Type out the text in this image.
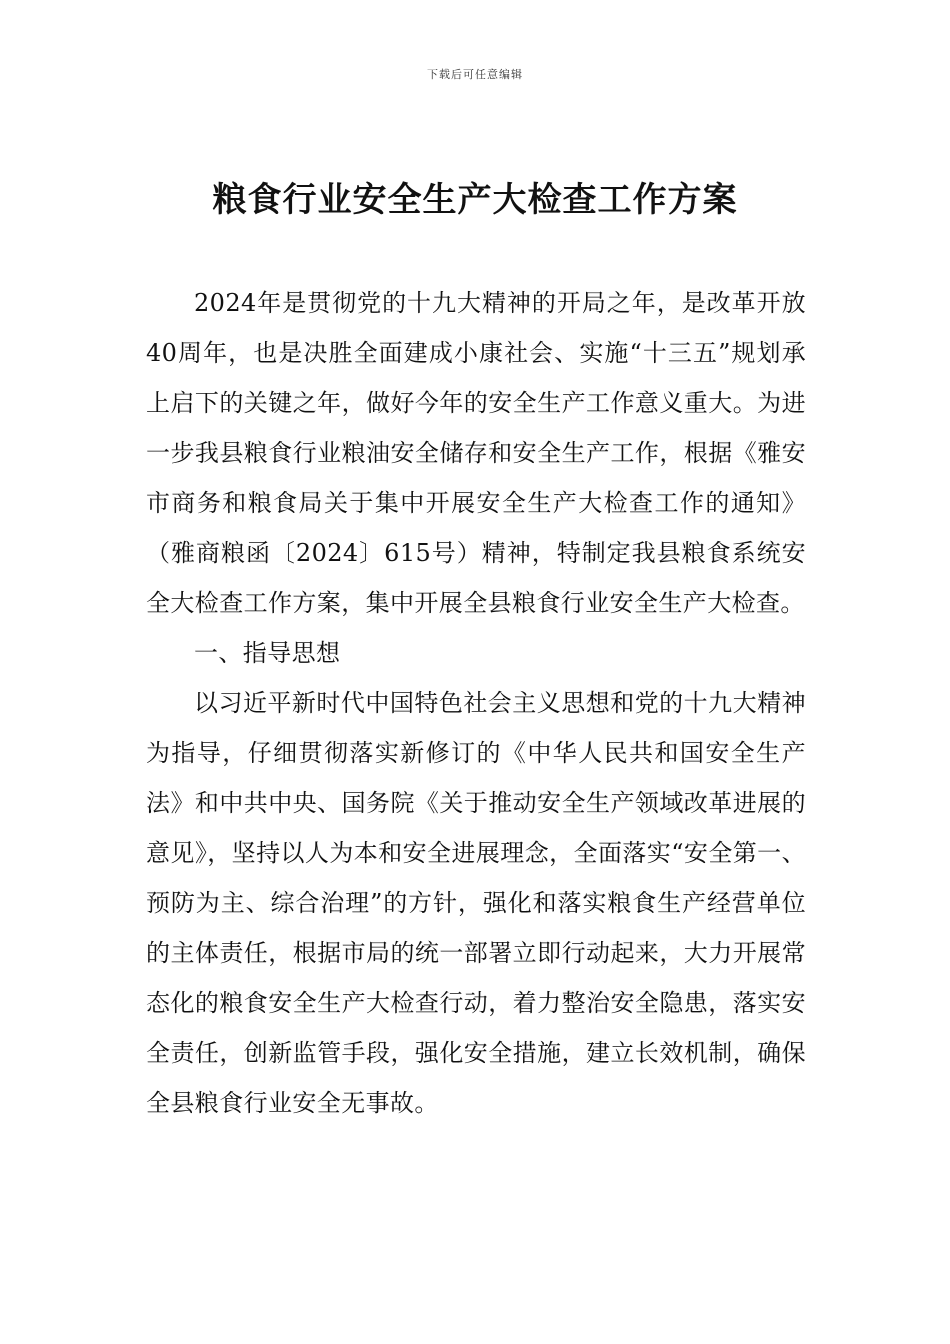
下载后可任意编辑
粮食行业安全生产大检查工作方案

2024年是贯彻党的十九大精神的开局之年，是改革开放40周年，也是决胜全面建成小康社会、实施“十三五”规划承上启下的关键之年，做好今年的安全生产工作意义重大。为进一步我县粮食行业粮油安全储存和安全生产工作，根据《雅安市商务和粮食局关于集中开展安全生产大检查工作的通知》（雅商粮函〔2024〕615号）精神，特制定我县粮食系统安全大检查工作方案，集中开展全县粮食行业安全生产大检查。

一、指导思想

以习近平新时代中国特色社会主义思想和党的十九大精神为指导，仔细贯彻落实新修订的《中华人民共和国安全生产法》和中共中央、国务院《关于推动安全生产领域改革进展的意见》，坚持以人为本和安全进展理念，全面落实“安全第一、预防为主、综合治理”的方针，强化和落实粮食生产经营单位的主体责任，根据市局的统一部署立即行动起来，大力开展常态化的粮食安全生产大检查行动，着力整治安全隐患，落实安全责任，创新监管手段，强化安全措施，建立长效机制，确保全县粮食行业安全无事故。
